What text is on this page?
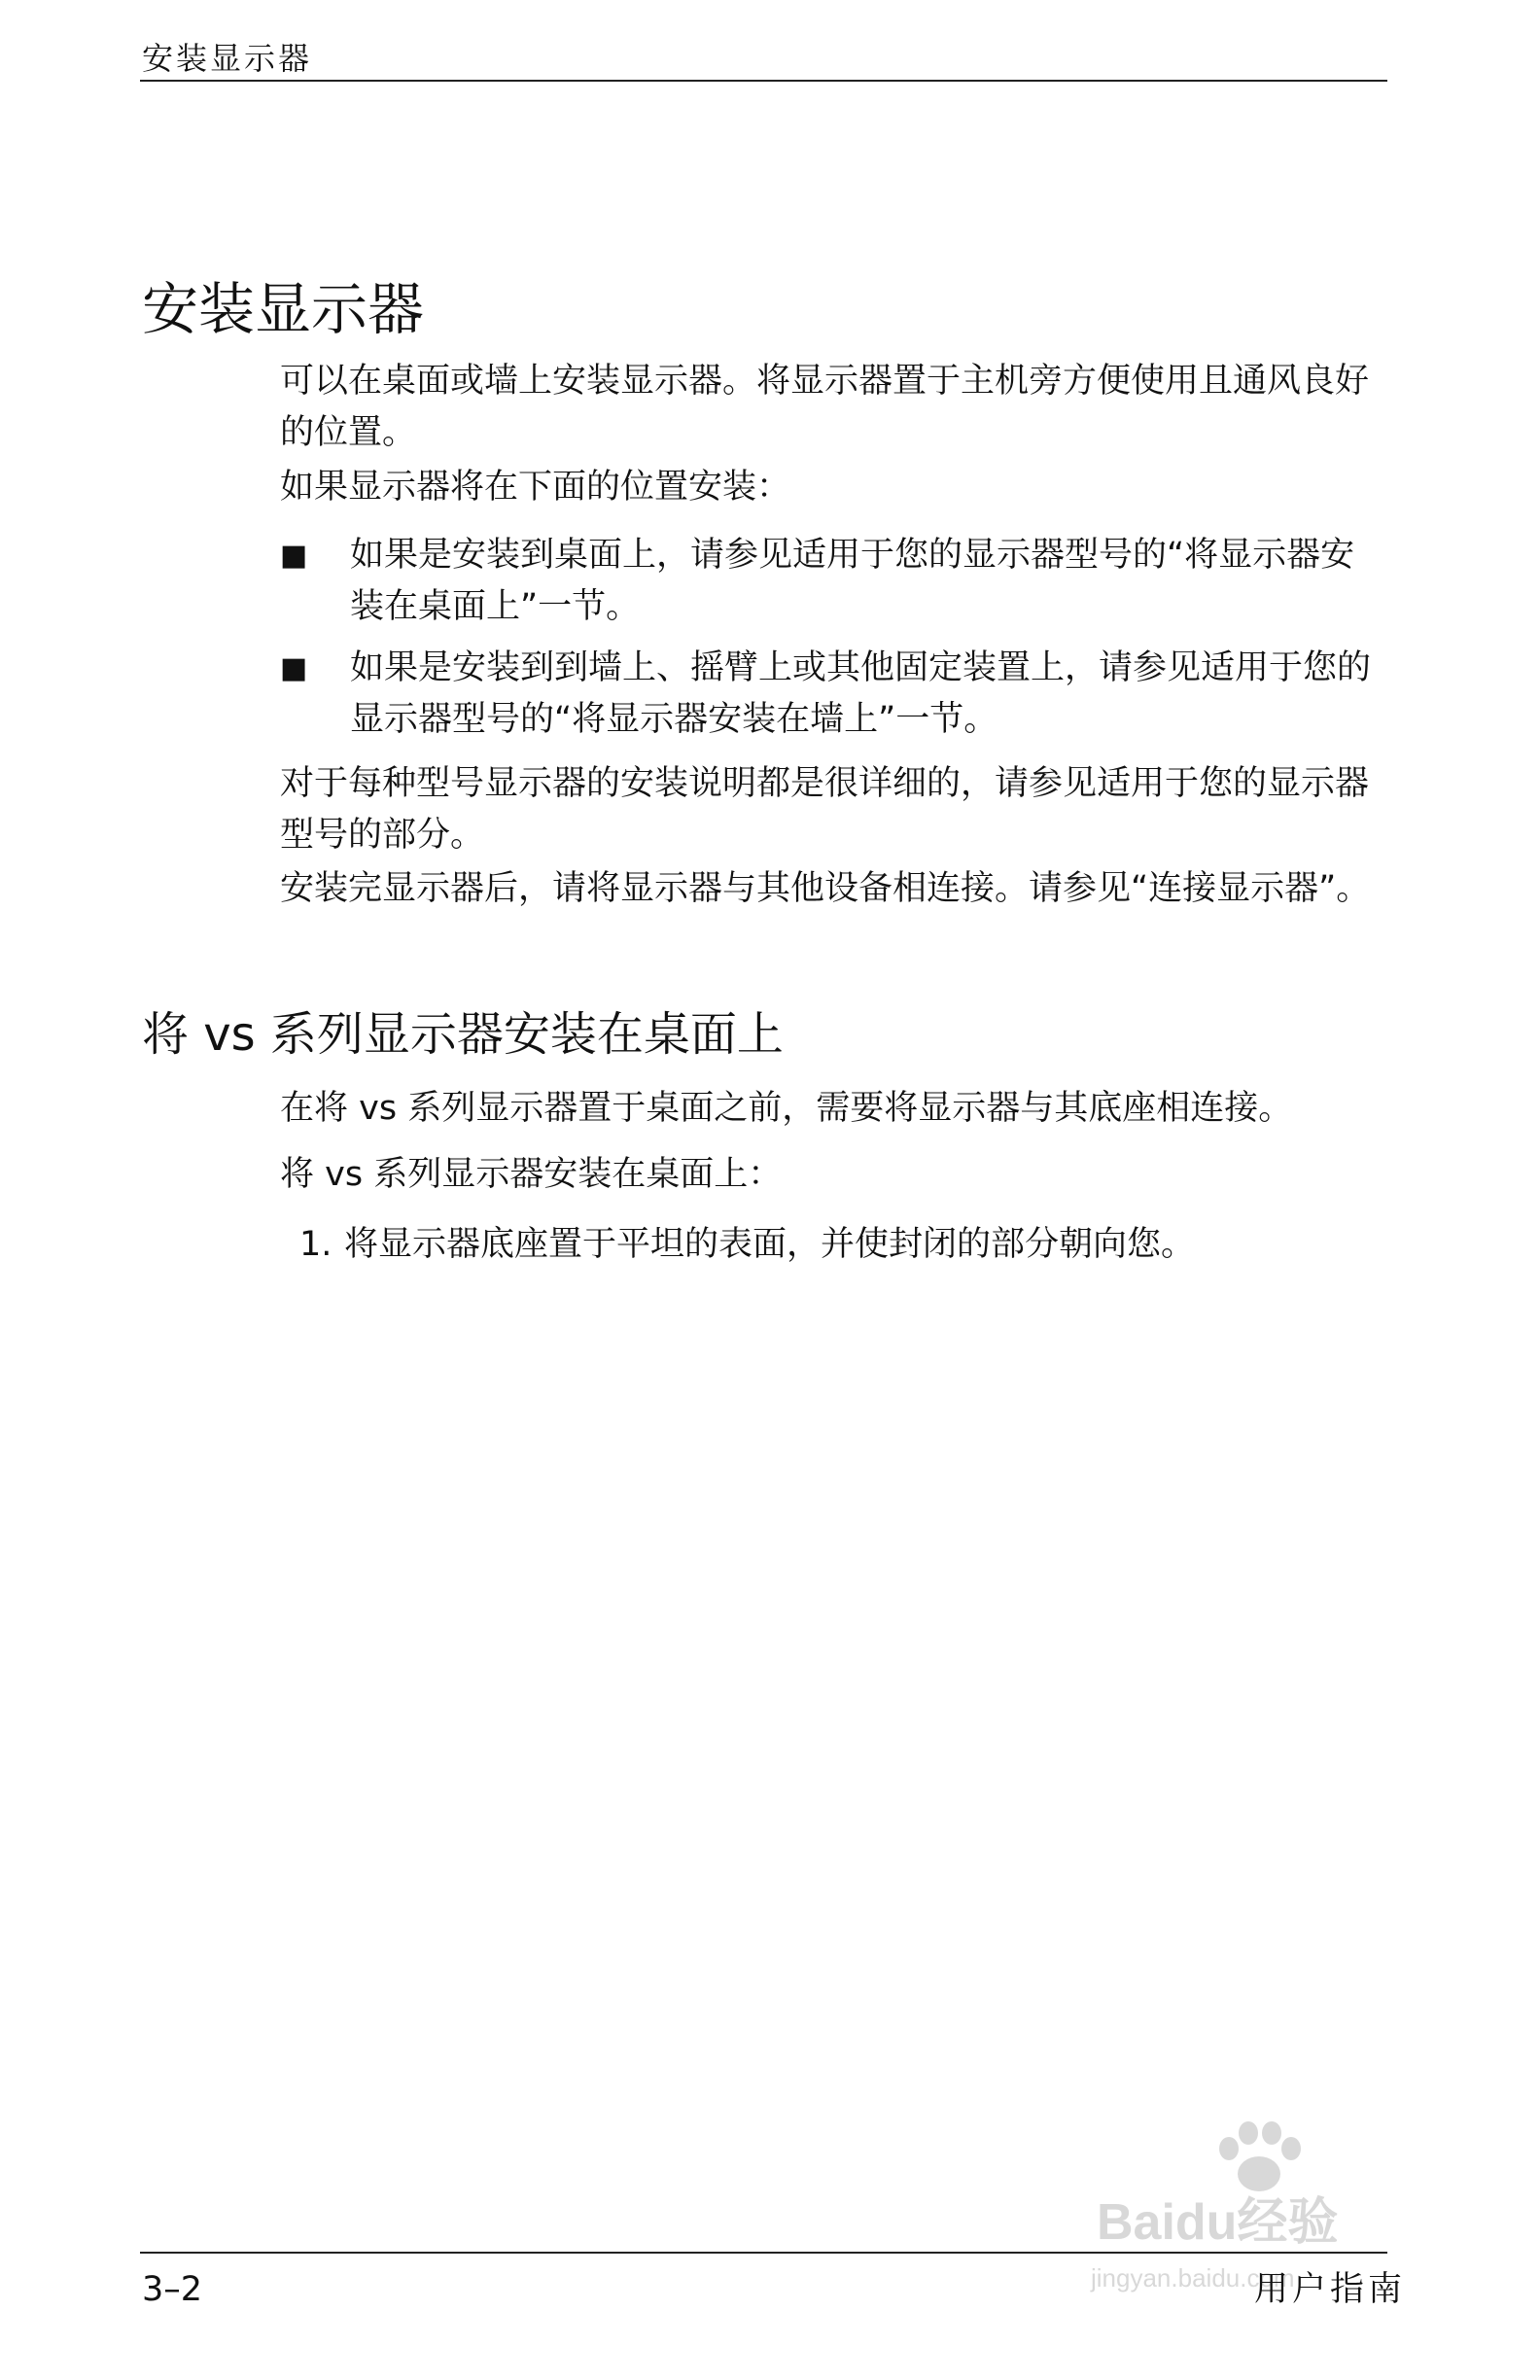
安装显示器
安装显示器

可以在桌面或墙上安装显示器。将显示器置于主机旁方便使用且通风良好的位置。

如果显示器将在下面的位置安装：

■ 如果是安装到桌面上，请参见适用于您的显示器型号的“将显示器安装在桌面上”一节。
■ 如果是安装到到墙上、摇臂上或其他固定装置上，请参见适用于您的显示器型号的“将显示器安装在墙上”一节。

对于每种型号显示器的安装说明都是很详细的，请参见适用于您的显示器型号的部分。

安装完显示器后，请将显示器与其他设备相连接。请参见“连接显示器”。

将 vs 系列显示器安装在桌面上

在将 vs 系列显示器置于桌面之前，需要将显示器与其底座相连接。

将 vs 系列显示器安装在桌面上：

1. 将显示器底座置于平坦的表面，并使封闭的部分朝向您。
Baidu经验
jingyan.baidu.com
3–2	用户指南
